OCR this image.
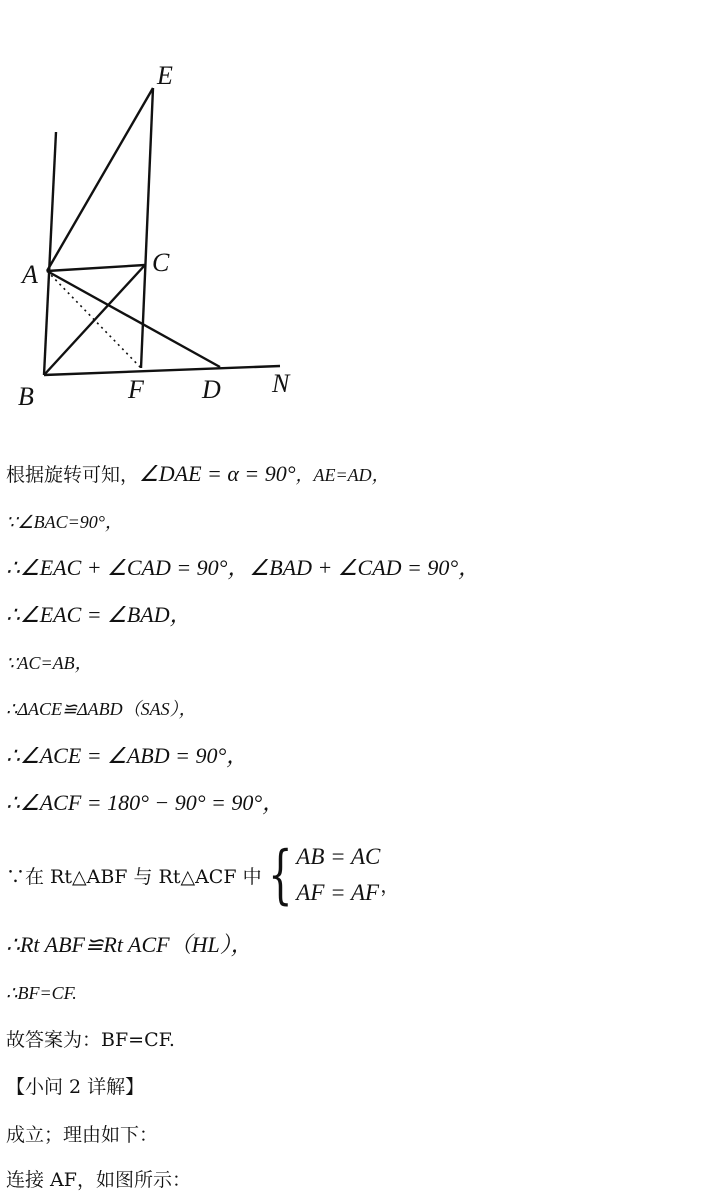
E
A	C
B	F D N
根据旋转可知，∠DAE = α = 90°，AE=AD，
∵∠BAC=90°，
∴∠EAC + ∠CAD = 90°，∠BAD + ∠CAD = 90°，
∴∠EAC = ∠BAD，
∵AC=AB，
∴ΔACE≌ΔABD（SAS），
∴∠ACE = ∠ABD = 90°，
∴∠ACF = 180° − 90° = 90°，
∵在 Rt△ABF 与 Rt△ACF 中 { AB = AC
AF = AF ，
∴Rt ABF≌Rt ACF（HL），
∴BF=CF.
故答案为：BF=CF.
【小问 2 详解】
成立；理由如下：
连接 AF，如图所示：
